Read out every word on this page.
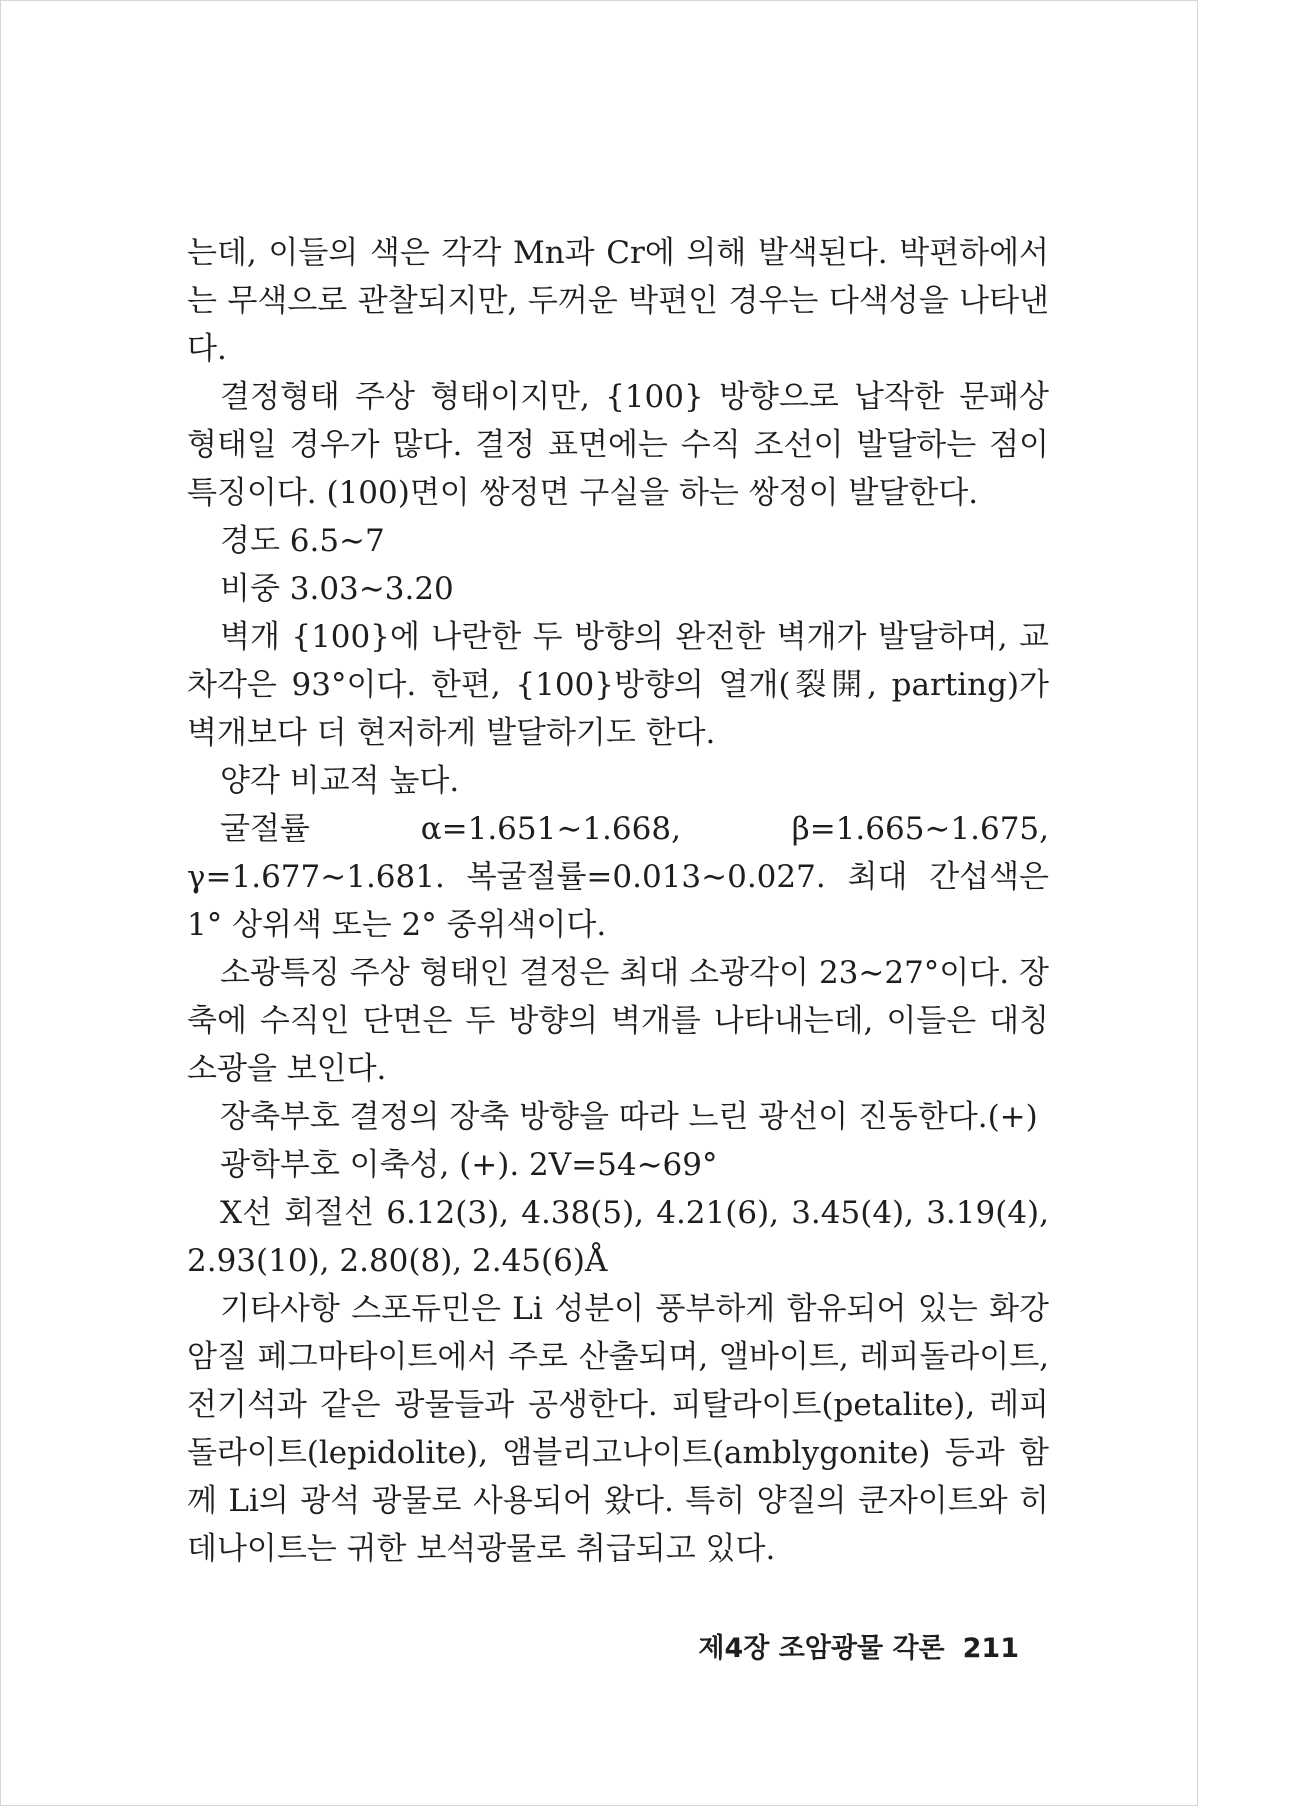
는데, 이들의 색은 각각 Mn과 Cr에 의해 발색된다. 박편하에서는 무색으로 관찰되지만, 두꺼운 박편인 경우는 다색성을 나타낸다.

결정형태 주상 형태이지만, {100} 방향으로 납작한 문패상 형태일 경우가 많다. 결정 표면에는 수직 조선이 발달하는 점이 특징이다. (100)면이 쌍정면 구실을 하는 쌍정이 발달한다.

경도 6.5∼7

비중 3.03∼3.20

벽개 {100}에 나란한 두 방향의 완전한 벽개가 발달하며, 교차각은 93°이다. 한편, {100}방향의 열개(裂開, parting)가 벽개보다 더 현저하게 발달하기도 한다.

양각 비교적 높다.

굴절률 α=1.651∼1.668, β=1.665∼1.675, γ=1.677∼1.681. 복굴절률=0.013∼0.027. 최대 간섭색은 1° 상위색 또는 2° 중위색이다.

소광특징 주상 형태인 결정은 최대 소광각이 23∼27°이다. 장축에 수직인 단면은 두 방향의 벽개를 나타내는데, 이들은 대칭소광을 보인다.

장축부호 결정의 장축 방향을 따라 느린 광선이 진동한다.(+)

광학부호 이축성, (+). 2V=54∼69°

X선 회절선 6.12(3), 4.38(5), 4.21(6), 3.45(4), 3.19(4), 2.93(10), 2.80(8), 2.45(6)Å

기타사항 스포듀민은 Li 성분이 풍부하게 함유되어 있는 화강암질 페그마타이트에서 주로 산출되며, 앨바이트, 레피돌라이트, 전기석과 같은 광물들과 공생한다. 피탈라이트(petalite), 레피돌라이트(lepidolite), 앰블리고나이트(amblygonite) 등과 함께 Li의 광석 광물로 사용되어 왔다. 특히 양질의 쿤자이트와 히데나이트는 귀한 보석광물로 취급되고 있다.

제4장 조암광물 각론 211
